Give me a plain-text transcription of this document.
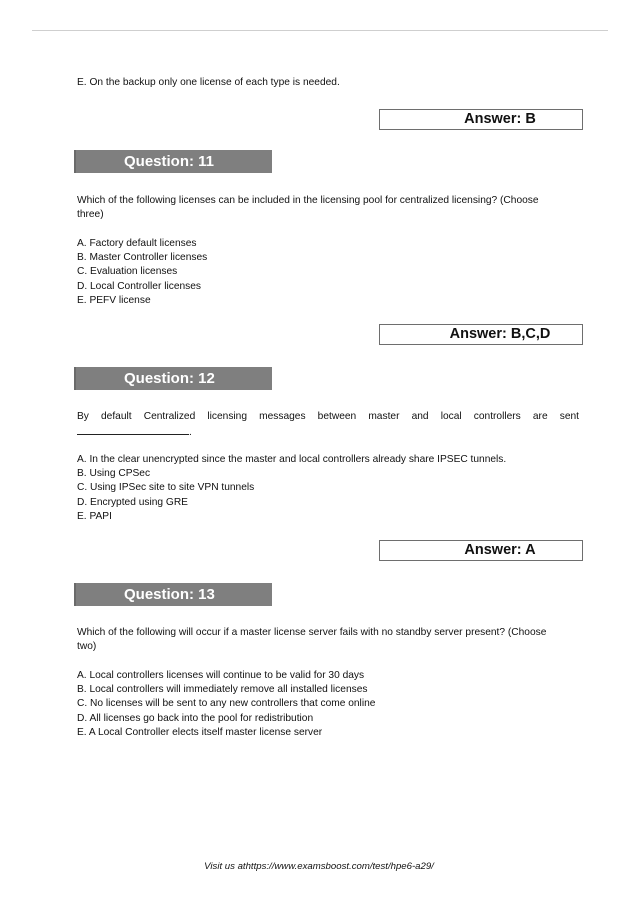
E. On the backup only one license of each type is needed.
Answer: B
Question: 11
Which of the following licenses can be included in the licensing pool for centralized licensing? (Choose
three)
A. Factory default licenses
B. Master Controller licenses
C. Evaluation licenses
D. Local Controller licenses
E. PEFV license
Answer: B,C,D
Question: 12
By default Centralized licensing messages between master and local controllers are sent
.
A. In the clear unencrypted since the master and local controllers already share IPSEC tunnels.
B. Using CPSec
C. Using IPSec site to site VPN tunnels
D. Encrypted using GRE
E. PAPI
Answer: A
Question: 13
Which of the following will occur if a master license server fails with no standby server present? (Choose
two)
A. Local controllers licenses will continue to be valid for 30 days
B. Local controllers will immediately remove all installed licenses
C. No licenses will be sent to any new controllers that come online
D. All licenses go back into the pool for redistribution
E. A Local Controller elects itself master license server
Visit us athttps://www.examsboost.com/test/hpe6-a29/
